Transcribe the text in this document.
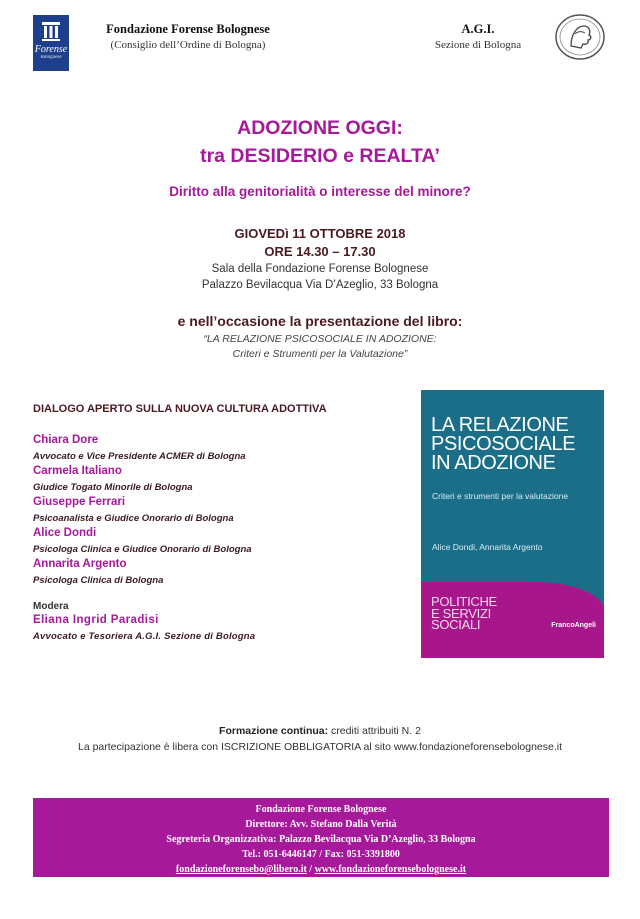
Forense
Bolognese
Fondazione Forense Bolognese
(Consiglio dell’Ordine di Bologna)
A.G.I.
Sezione di Bologna
ADOZIONE OGGI:
tra DESIDERIO e REALTA’
Diritto alla genitorialità o interesse del minore?
GIOVEDì 11 OTTOBRE 2018
ORE 14.30 – 17.30
Sala della Fondazione Forense Bolognese
Palazzo Bevilacqua Via D’Azeglio, 33 Bologna
e nell’occasione la presentazione del libro:
“LA RELAZIONE PSICOSOCIALE IN ADOZIONE:
Criteri e Strumenti per la Valutazione”
DIALOGO APERTO SULLA NUOVA CULTURA ADOTTIVA
Chiara Dore
Avvocato e Vice Presidente ACMER di Bologna
Carmela Italiano
Giudice Togato Minorile di Bologna
Giuseppe Ferrari
Psicoanalista e Giudice Onorario di Bologna
Alice Dondi
Psicologa Clinica e Giudice Onorario di Bologna
Annarita Argento
Psicologa Clinica di Bologna
Modera
Eliana Ingrid Paradisi
Avvocato e Tesoriera A.G.I. Sezione di Bologna
LA RELAZIONE
PSICOSOCIALE
IN ADOZIONE
Criteri e strumenti per la valutazione
Alice Dondi, Annarita Argento
POLITICHE
E SERVIZI
SOCIALI	FrancoAngeli
Formazione continua: crediti attribuiti N. 2
La partecipazione è libera con ISCRIZIONE OBBLIGATORIA al sito www.fondazioneforensebolognese.it
Fondazione Forense Bolognese
Direttore: Avv. Stefano Dalla Verità
Segreteria Organizzativa: Palazzo Bevilacqua Via D’Azeglio, 33 Bologna
Tel.: 051-6446147 / Fax: 051-3391800
fondazioneforensebo@libero.it / www.fondazioneforensebolognese.it
